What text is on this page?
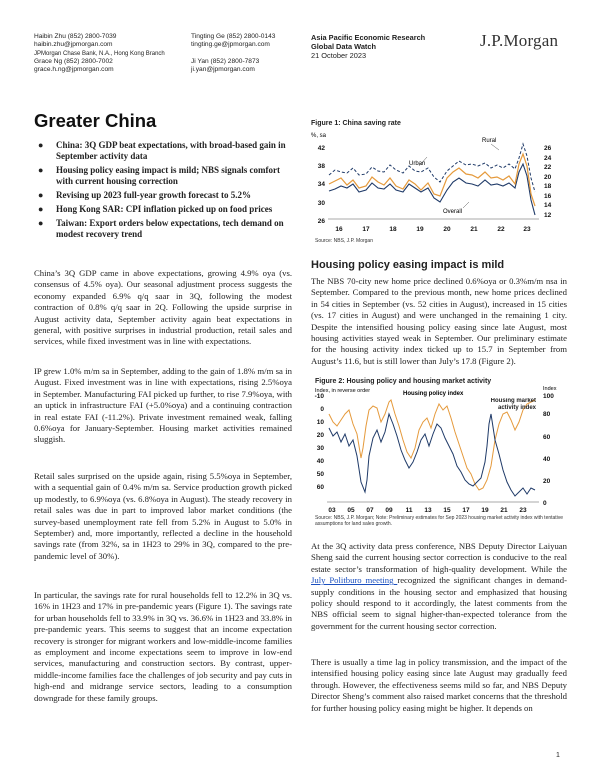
Haibin Zhu (852) 2800-7039
haibin.zhu@jpmorgan.com
JPMorgan Chase Bank, N.A., Hong Kong Branch
Tingting Ge (852) 2800-0143
tingting.ge@jpmorgan.com
Grace Ng (852) 2800-7002
grace.h.ng@jpmorgan.com
Ji Yan (852) 2800-7873
ji.yan@jpmorgan.com
Asia Pacific Economic Research
Global Data Watch
21 October 2023
J.P.Morgan
Greater China
● China: 3Q GDP beat expectations, with broad-based gain in September activity data
● Housing policy easing impact is mild; NBS signals comfort with current housing correction
● Revising up 2023 full-year growth forecast to 5.2%
● Hong Kong SAR: CPI inflation picked up on food prices
● Taiwan: Export orders below expectations, tech demand on modest recovery trend

China’s 3Q GDP came in above expectations, growing 4.9% oya (vs. consensus of 4.5% oya). Our seasonal adjustment process suggests the economy expanded 6.9% q/q saar in 3Q, following the modest contraction of 0.8% q/q saar in 2Q. Following the upside surprise in August activity data, September activity again beat expectations in general, with positive surprises in industrial production, retail sales and services, while fixed investment was in line with expectations.

IP grew 1.0% m/m sa in September, adding to the gain of 1.8% m/m sa in August. Fixed investment was in line with expectations, rising 2.5%oya in September. Manufacturing FAI picked up further, to rise 7.9%oya, with an uptick in infrastructure FAI (+5.0%oya) and a continuing contraction in real estate FAI (-11.2%). Private investment remained weak, falling 0.6%oya for January-September. Housing market activities remained sluggish.

Retail sales surprised on the upside again, rising 5.5%oya in September, with a sequential gain of 0.4% m/m sa. Service production growth picked up modestly, to 6.9%oya (vs. 6.8%oya in August). The steady recovery in retail sales was due in part to improved labor market conditions (the survey-based unemployment rate fell from 5.2% in August to 5.0% in September) and, more importantly, reflected a decline in the household savings rate (from 32%, sa in 1H23 to 29% in 3Q, compared to the pre-pandemic level of 30%).

In particular, the savings rate for rural households fell to 12.2% in 3Q vs. 16% in 1H23 and 17% in pre-pandemic years (Figure 1). The savings rate for urban households fell to 33.9% in 3Q vs. 36.6% in 1H23 and 33.8% in pre-pandemic years. This seems to suggest that an income expectation recovery is stronger for migrant workers and low-middle-income families as employment and income expectations seem to improve in low-end services, manufacturing and construction sectors. By contrast, upper-middle-income families face the challenges of job security and pay cuts in high-end and midrange service sectors, leading to a consumption downgrade for these family groups.

Figure 1: China saving rate
%, sa
42
38
34
30
26
26
24
22
20
18
16
14
12
16	17	18	19	20	21	22	23
Urban
Rural
Overall
Source: NBS, J.P. Morgan
Housing policy easing impact is mild

The NBS 70-city new home price declined 0.6%oya or 0.3%m/m nsa in September. Compared to the previous month, new home prices declined in 54 cities in September (vs. 52 cities in August), increased in 15 cities (vs. 17 cities in August) and were unchanged in the remaining 1 city. Despite the intensified housing policy easing since late August, most housing activities stayed weak in September. Our preliminary estimate for the housing activity index ticked up to 15.7 in September from August’s 11.6, but is still lower than July’s 17.8 (Figure 2).

Figure 2: Housing policy and housing market activity
Index, in reverse order	Index
-10
0
10
20
30
40
50
60
100
80
60
40
20
0
03 05 07 09 11 13 15 17 19 21 23
Housing policy index
Housing market activity index
Source: NBS, J.P. Morgan; Note: Preliminary estimates for Sep 2023 housing market activity index with tentative assumptions for land sales growth.

At the 3Q activity data press conference, NBS Deputy Director Laiyuan Sheng said the current housing sector correction is conducive to the real estate sector’s transformation of high-quality development. While the July Politburo meeting recognized the significant changes in demand-supply conditions in the housing sector and emphasized that housing policy should respond to it accordingly, the latest comments from the NBS official seem to signal higher-than-expected tolerance from the government for the current housing sector correction.

There is usually a time lag in policy transmission, and the impact of the intensified housing policy easing since late August may gradually feed through. However, the effectiveness seems mild so far, and NBS Deputy Director Sheng’s comment also raised market concerns that the threshold for further housing policy easing might be higher. It depends on

1
